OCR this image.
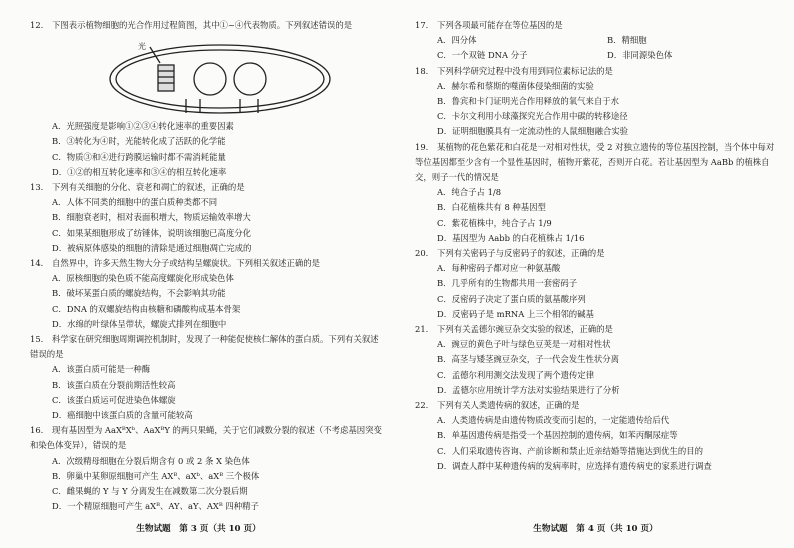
12. 下图表示植物细胞的光合作用过程简图，其中①~④代表物质。下列叙述错误的是
光
A．光照强度是影响①②③④转化速率的重要因素
B．③转化为④时，光能转化成了活跃的化学能
C．物质③和④进行跨膜运输时都不需消耗能量
D．①②的相互转化速率和③④的相互转化速率
13. 下列有关细胞的分化、衰老和凋亡的叙述，正确的是
A．人体不同类的细胞中的蛋白质种类都不同
B．细胞衰老时，相对表面积增大，物质运输效率增大
C．如果某细胞形成了纺锤体，说明该细胞已高度分化
D．被病原体感染的细胞的清除是通过细胞凋亡完成的
14. 自然界中，许多天然生物大分子或结构呈螺旋状。下列相关叙述正确的是
A．原核细胞的染色质不能高度螺旋化形成染色体
B．破坏某蛋白质的螺旋结构，不会影响其功能
C．DNA 的双螺旋结构由核糖和磷酸构成基本骨架
D．水绵的叶绿体呈带状，螺旋式排列在细胞中
15. 科学家在研究细胞周期调控机制时，发现了一种能促使核仁解体的蛋白质。下列有关叙述错误的是
A．该蛋白质可能是一种酶
B．该蛋白质在分裂前期活性较高
C．该蛋白质运可促进染色体螺旋
D．癌细胞中该蛋白质的含量可能较高
16. 现有基因型为 AaXᴮXᵇ、AaXᴮY 的两只果蝇，关于它们减数分裂的叙述（不考虑基因突变和染色体变异），错误的是
A．次级精母细胞在分裂后期含有 0 或 2 条 X 染色体
B．卵巢中某卵原细胞可产生 AXᴮ、aXᵇ、aXᴮ 三个极体
C．雌果蝇的 Y 与 Y 分离发生在减数第二次分裂后期
D．一个精原细胞可产生 aXᴮ、AY、aY、AXᴮ 四种精子
生物试题　第 3 页（共 10 页）
17. 下列各项最可能存在等位基因的是
A．四分体	B．精细胞
C．一个双链 DNA 分子	D．非同源染色体
18. 下列科学研究过程中没有用到同位素标记法的是
A．赫尔希和蔡斯的噬菌体侵染细菌的实验
B．鲁宾和卡门证明光合作用释放的氧气来自于水
C．卡尔文利用小球藻探究光合作用中碳的转移途径
D．证明细胞膜具有一定流动性的人鼠细胞融合实验
19. 某植物的花色紫花和白花是一对相对性状，受 2 对独立遗传的等位基因控制，当个体中每对等位基因都至少含有一个显性基因时，植物开紫花，否则开白花。若让基因型为 AaBb 的植株自交，则子一代的情况是
A．纯合子占 1/8
B．白花植株共有 8 种基因型
C．紫花植株中，纯合子占 1/9
D．基因型为 Aabb 的白花植株占 1/16
20. 下列有关密码子与反密码子的叙述，正确的是
A．每种密码子都对应一种氨基酸
B．几乎所有的生物都共用一套密码子
C．反密码子决定了蛋白质的氨基酸序列
D．反密码子是 mRNA 上三个相邻的碱基
21. 下列有关孟德尔豌豆杂交实验的叙述，正确的是
A．豌豆的黄色子叶与绿色豆荚是一对相对性状
B．高茎与矮茎豌豆杂交，子一代会发生性状分离
C．孟德尔利用测交法发现了两个遗传定律
D．孟德尔应用统计学方法对实验结果进行了分析
22. 下列有关人类遗传病的叙述，正确的是
A．人类遗传病是由遗传物质改变而引起的，一定能遗传给后代
B．单基因遗传病是指受一个基因控制的遗传病，如苯丙酮尿症等
C．人们采取遗传咨询、产前诊断和禁止近亲结婚等措施达到优生的目的
D．调查人群中某种遗传病的发病率时，应选择有遗传病史的家系进行调查
生物试题　第 4 页（共 10 页）
